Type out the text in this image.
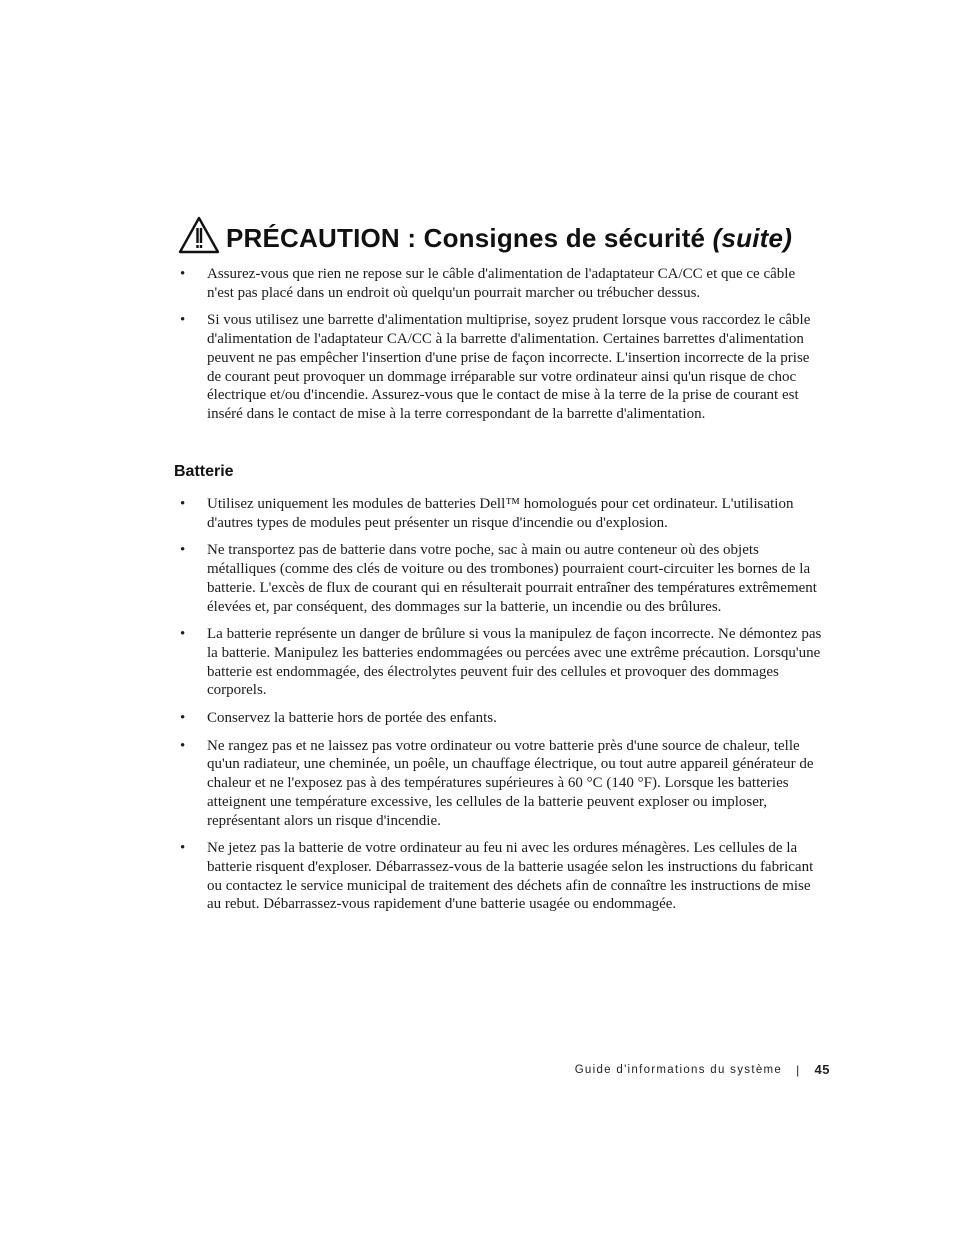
PRÉCAUTION : Consignes de sécurité (suite)
• Assurez-vous que rien ne repose sur le câble d'alimentation de l'adaptateur CA/CC et que ce câble n'est pas placé dans un endroit où quelqu'un pourrait marcher ou trébucher dessus.
• Si vous utilisez une barrette d'alimentation multiprise, soyez prudent lorsque vous raccordez le câble d'alimentation de l'adaptateur CA/CC à la barrette d'alimentation. Certaines barrettes d'alimentation peuvent ne pas empêcher l'insertion d'une prise de façon incorrecte. L'insertion incorrecte de la prise de courant peut provoquer un dommage irréparable sur votre ordinateur ainsi qu'un risque de choc électrique et/ou d'incendie. Assurez-vous que le contact de mise à la terre de la prise de courant est inséré dans le contact de mise à la terre correspondant de la barrette d'alimentation.
Batterie
• Utilisez uniquement les modules de batteries Dell™ homologués pour cet ordinateur. L'utilisation d'autres types de modules peut présenter un risque d'incendie ou d'explosion.
• Ne transportez pas de batterie dans votre poche, sac à main ou autre conteneur où des objets métalliques (comme des clés de voiture ou des trombones) pourraient court-circuiter les bornes de la batterie. L'excès de flux de courant qui en résulterait pourrait entraîner des températures extrêmement élevées et, par conséquent, des dommages sur la batterie, un incendie ou des brûlures.
• La batterie représente un danger de brûlure si vous la manipulez de façon incorrecte. Ne démontez pas la batterie. Manipulez les batteries endommagées ou percées avec une extrême précaution. Lorsqu'une batterie est endommagée, des électrolytes peuvent fuir des cellules et provoquer des dommages corporels.
• Conservez la batterie hors de portée des enfants.
• Ne rangez pas et ne laissez pas votre ordinateur ou votre batterie près d'une source de chaleur, telle qu'un radiateur, une cheminée, un poêle, un chauffage électrique, ou tout autre appareil générateur de chaleur et ne l'exposez pas à des températures supérieures à 60 °C (140 °F). Lorsque les batteries atteignent une température excessive, les cellules de la batterie peuvent exploser ou imploser, représentant alors un risque d'incendie.
• Ne jetez pas la batterie de votre ordinateur au feu ni avec les ordures ménagères. Les cellules de la batterie risquent d'exploser. Débarrassez-vous de la batterie usagée selon les instructions du fabricant ou contactez le service municipal de traitement des déchets afin de connaître les instructions de mise au rebut. Débarrassez-vous rapidement d'une batterie usagée ou endommagée.
Guide d'informations du système | 45
